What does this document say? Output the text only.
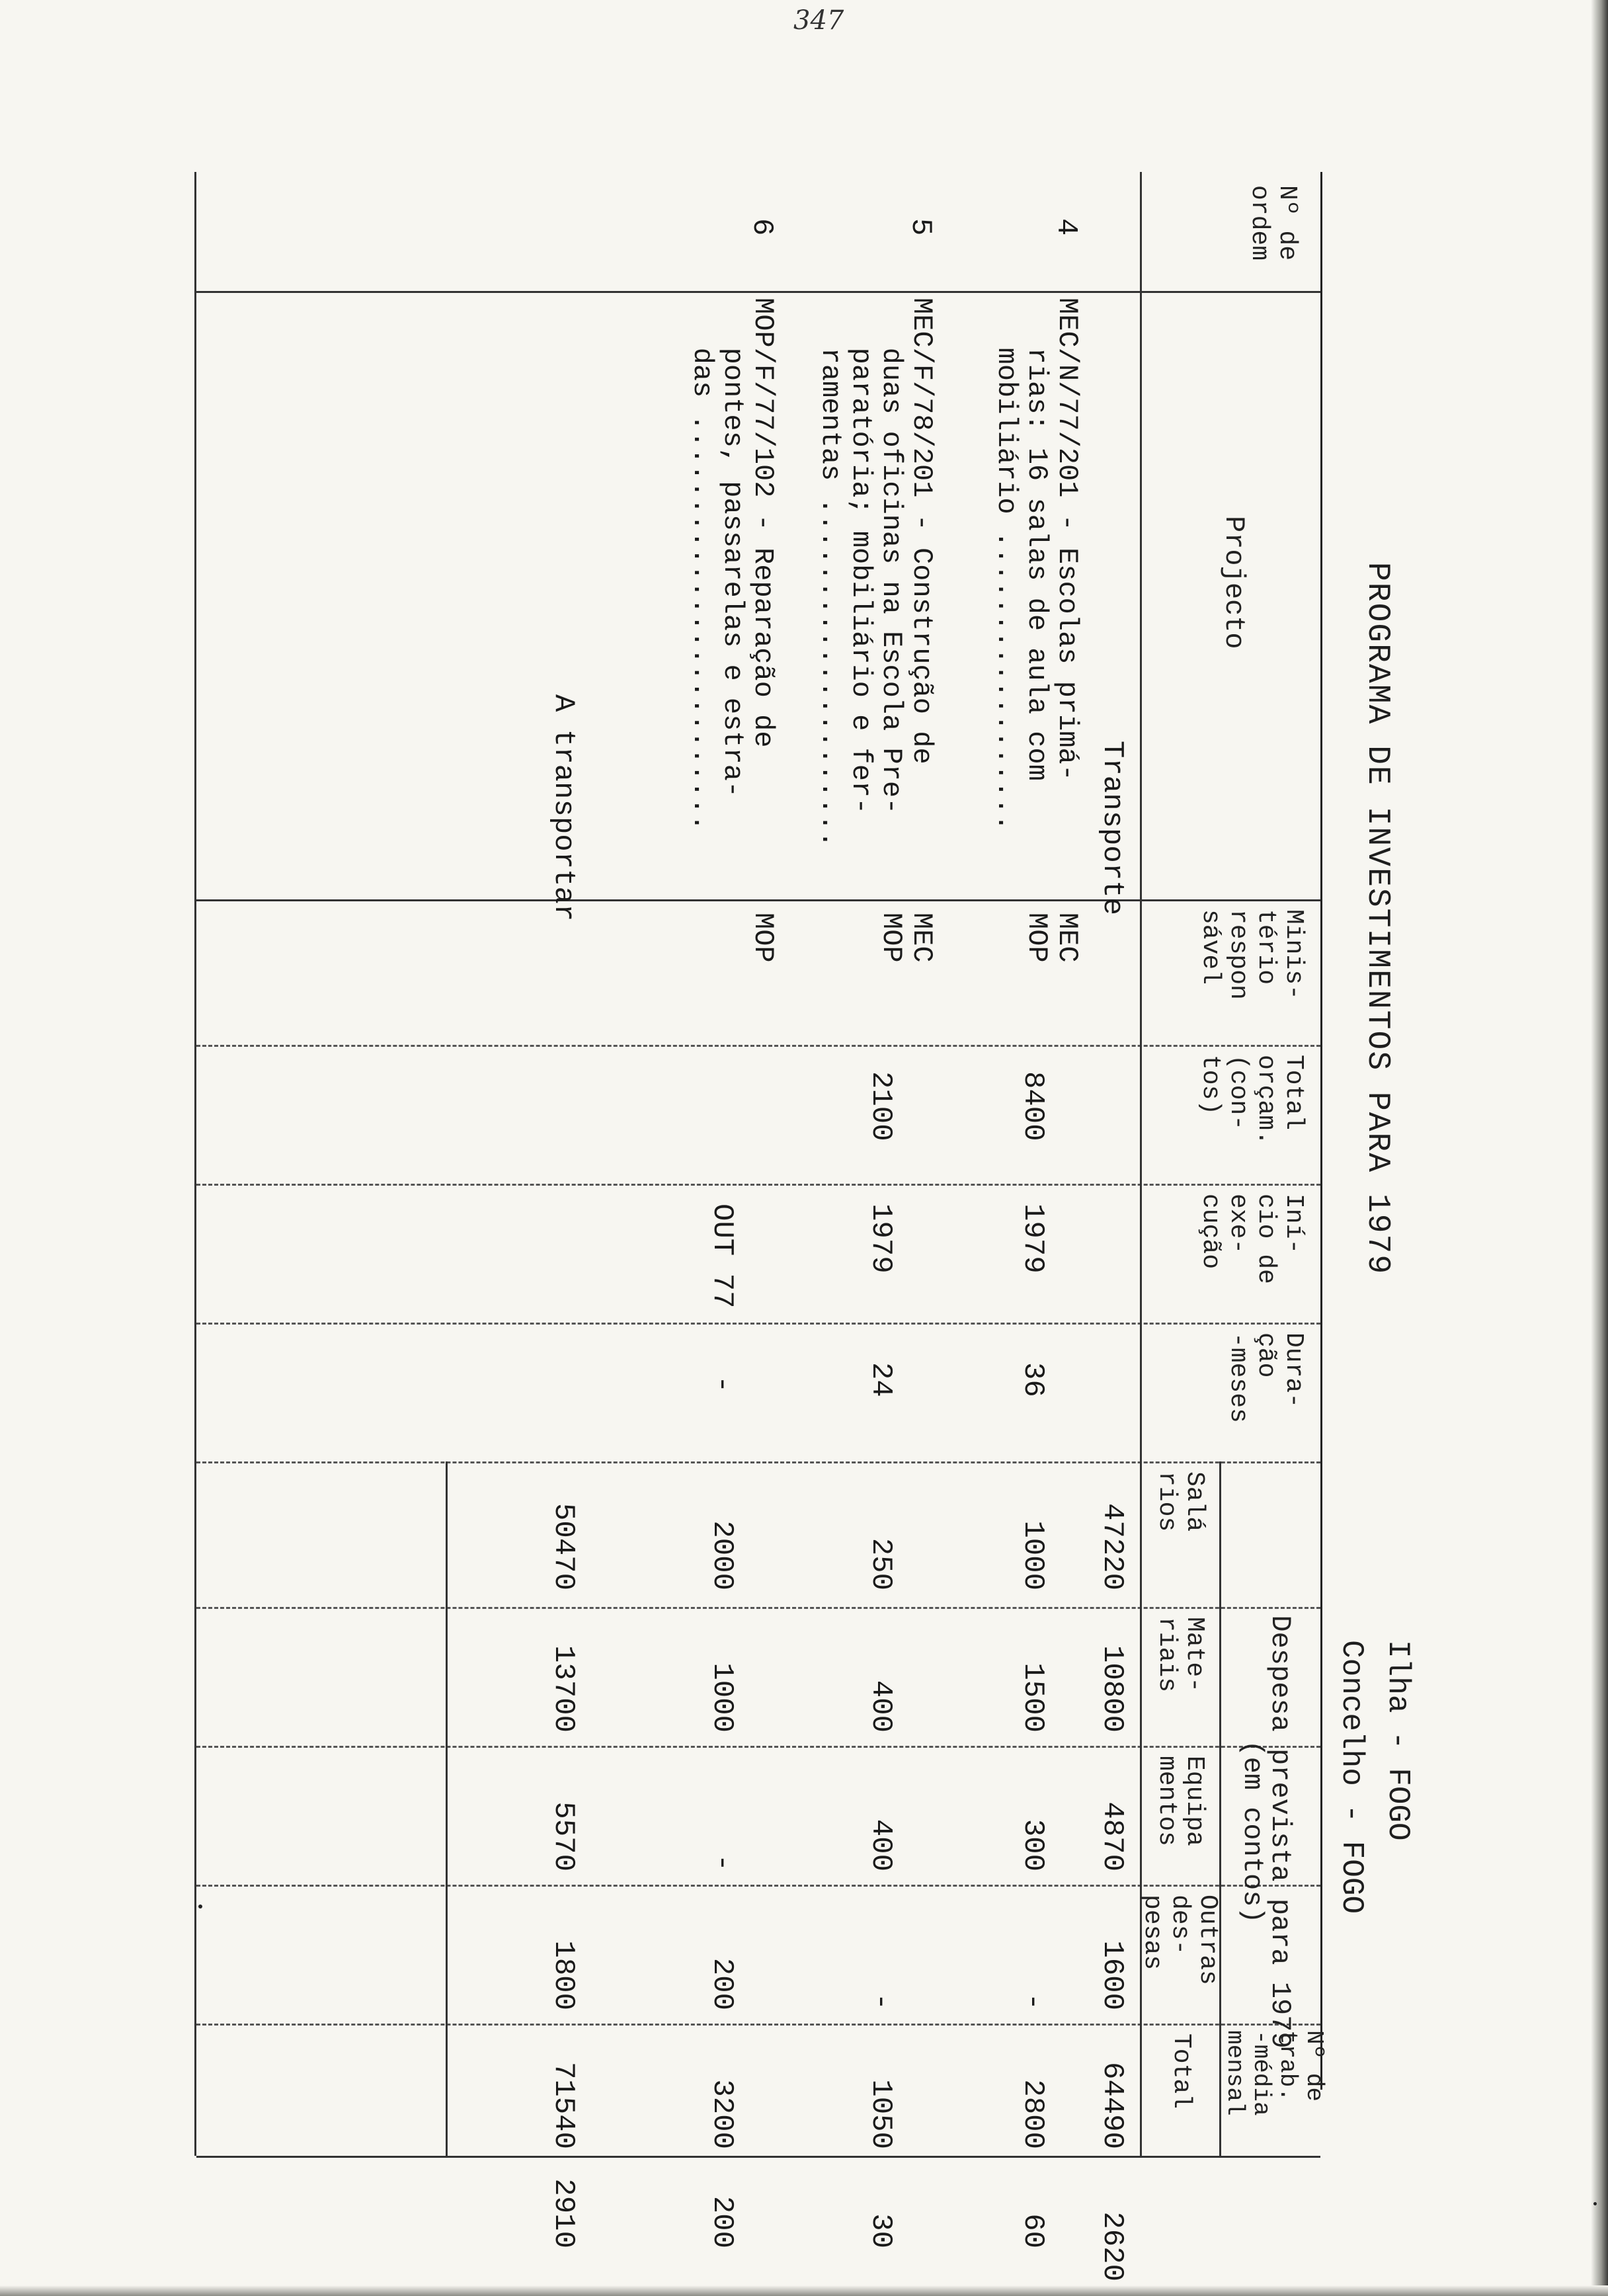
347
PROGRAMA DE INVESTIMENTOS PARA 1979
Ilha - FOGO
Concelho - FOGO
Nº de
ordem
Projecto
Minis-
tério
respon
sável
Total
orçam.
(con-
tos)
Iní-
cio de
exe-
cução
Dura-
ção
-meses
Despesa prevista para 1979
(em contos)
Salá
rios
Mate-
riais
Equipa
mentos
Outras
des-
pesas
Total	Nº de
trab.
-média
mensal
Transporte
47220
10800
4870
1600
64490
2620
4
MEC/N/77/201 - Escolas primá-
rias: 16 salas de aula com
mobiliário ..................
MEC
MOP
8400
1979
36
1000
1500
300
-
2800
60
5
MEC/F/78/201 - Construção de
duas oficinas na Escola Pre-
paratória; mobiliário e fer-
ramentas .....................
MEC
MOP
2100
1979
24
250
400
400
-
1050
30
6
MOP/F/77/102 - Reparação de
pontes, passarelas e estra-
das .........................
MOP
OUT 77
-
2000
1000
-
200
3200
200
A transportar
50470
13700
5570
1800
71540
2910
